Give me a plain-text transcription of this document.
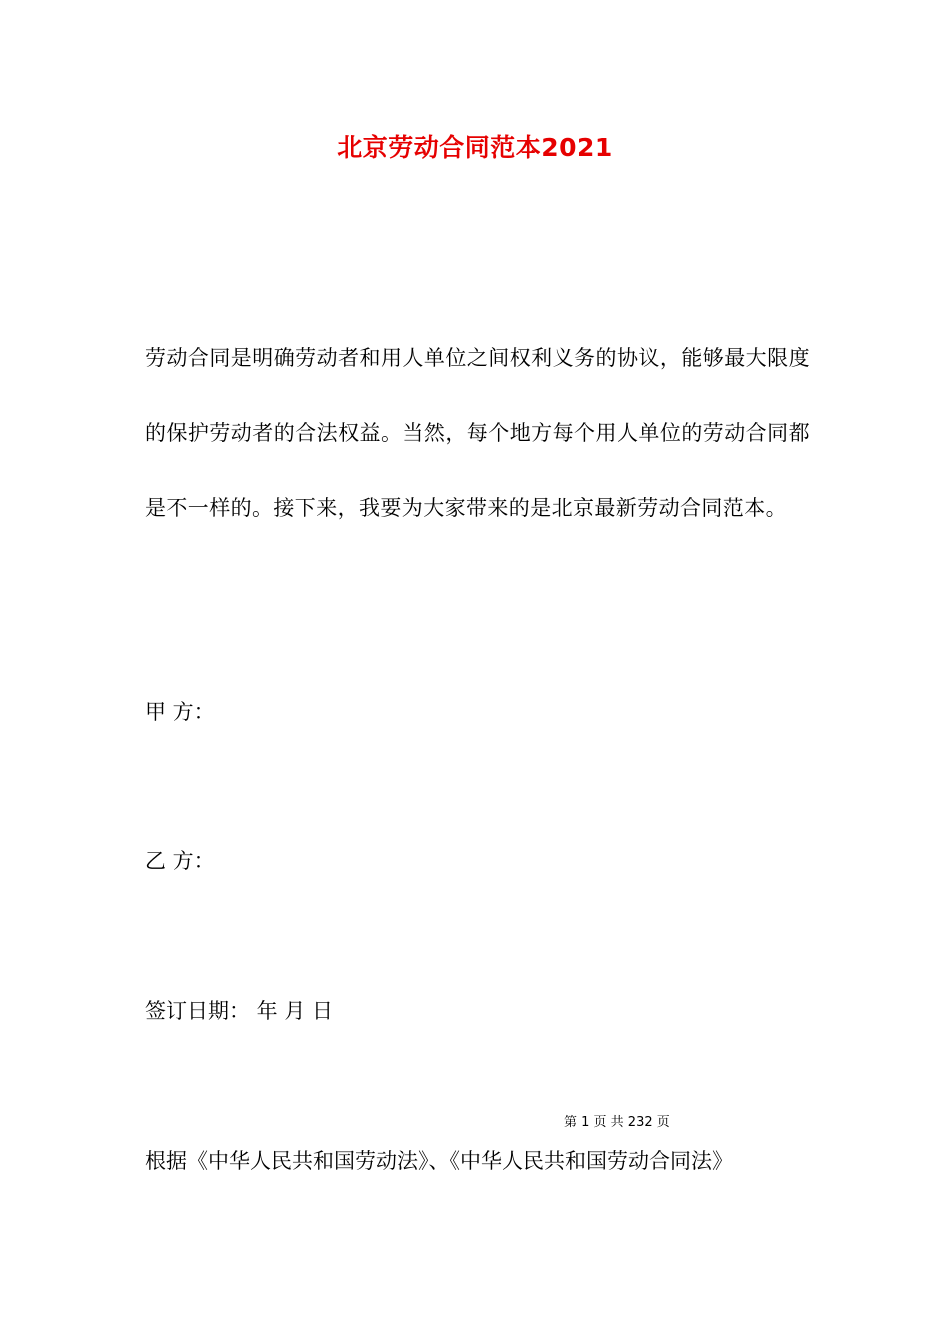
北京劳动合同范本2021
劳动合同是明确劳动者和用人单位之间权利义务的协议，能够最大限度的保护劳动者的合法权益。当然，每个地方每个用人单位的劳动合同都是不一样的。接下来，我要为大家带来的是北京最新劳动合同范本。
甲 方：
乙 方：
签订日期： 年 月 日
第 1 页 共 232 页
根据《中华人民共和国劳动法》、《中华人民共和国劳动合同法》
